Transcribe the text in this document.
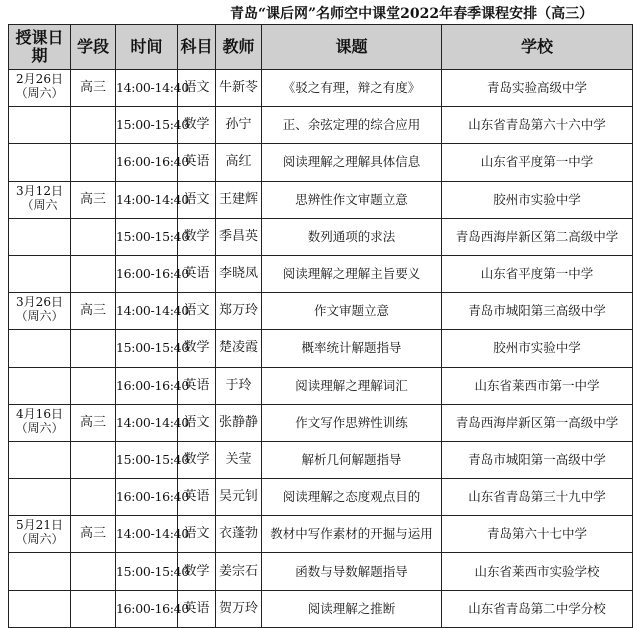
青岛“课后网”名师空中课堂2022年春季课程安排（高三）
授课日期	学段	时间	科目	教师	课题	学校
2月26日（周六）	高三	14:00-14:40	语文	牛新苓	《驳之有理，辩之有度》	青岛实验高级中学
		15:00-15:40	数学	孙宁	正、余弦定理的综合应用	山东省青岛第六十六中学
		16:00-16:40	英语	高红	阅读理解之理解具体信息	山东省平度第一中学
3月12日（周六	高三	14:00-14:40	语文	王建辉	思辨性作文审题立意	胶州市实验中学
		15:00-15:40	数学	季昌英	数列通项的求法	青岛西海岸新区第二高级中学
		16:00-16:40	英语	李晓凤	阅读理解之理解主旨要义	山东省平度第一中学
3月26日（周六）	高三	14:00-14:40	语文	郑万玲	作文审题立意	青岛市城阳第三高级中学
		15:00-15:40	数学	楚凌霞	概率统计解题指导	胶州市实验中学
		16:00-16:40	英语	于玲	阅读理解之理解词汇	山东省莱西市第一中学
4月16日（周六）	高三	14:00-14:40	语文	张静静	作文写作思辨性训练	青岛西海岸新区第一高级中学
		15:00-15:40	数学	关莹	解析几何解题指导	青岛市城阳第一高级中学
		16:00-16:40	英语	吴元钊	阅读理解之态度观点目的	山东省青岛第三十九中学
5月21日（周六）	高三	14:00-14:40	语文	衣蓬勃	教材中写作素材的开掘与运用	青岛第六十七中学
		15:00-15:40	数学	姜宗石	函数与导数解题指导	山东省莱西市实验学校
		16:00-16:40	英语	贺万玲	阅读理解之推断	山东省青岛第二中学分校
